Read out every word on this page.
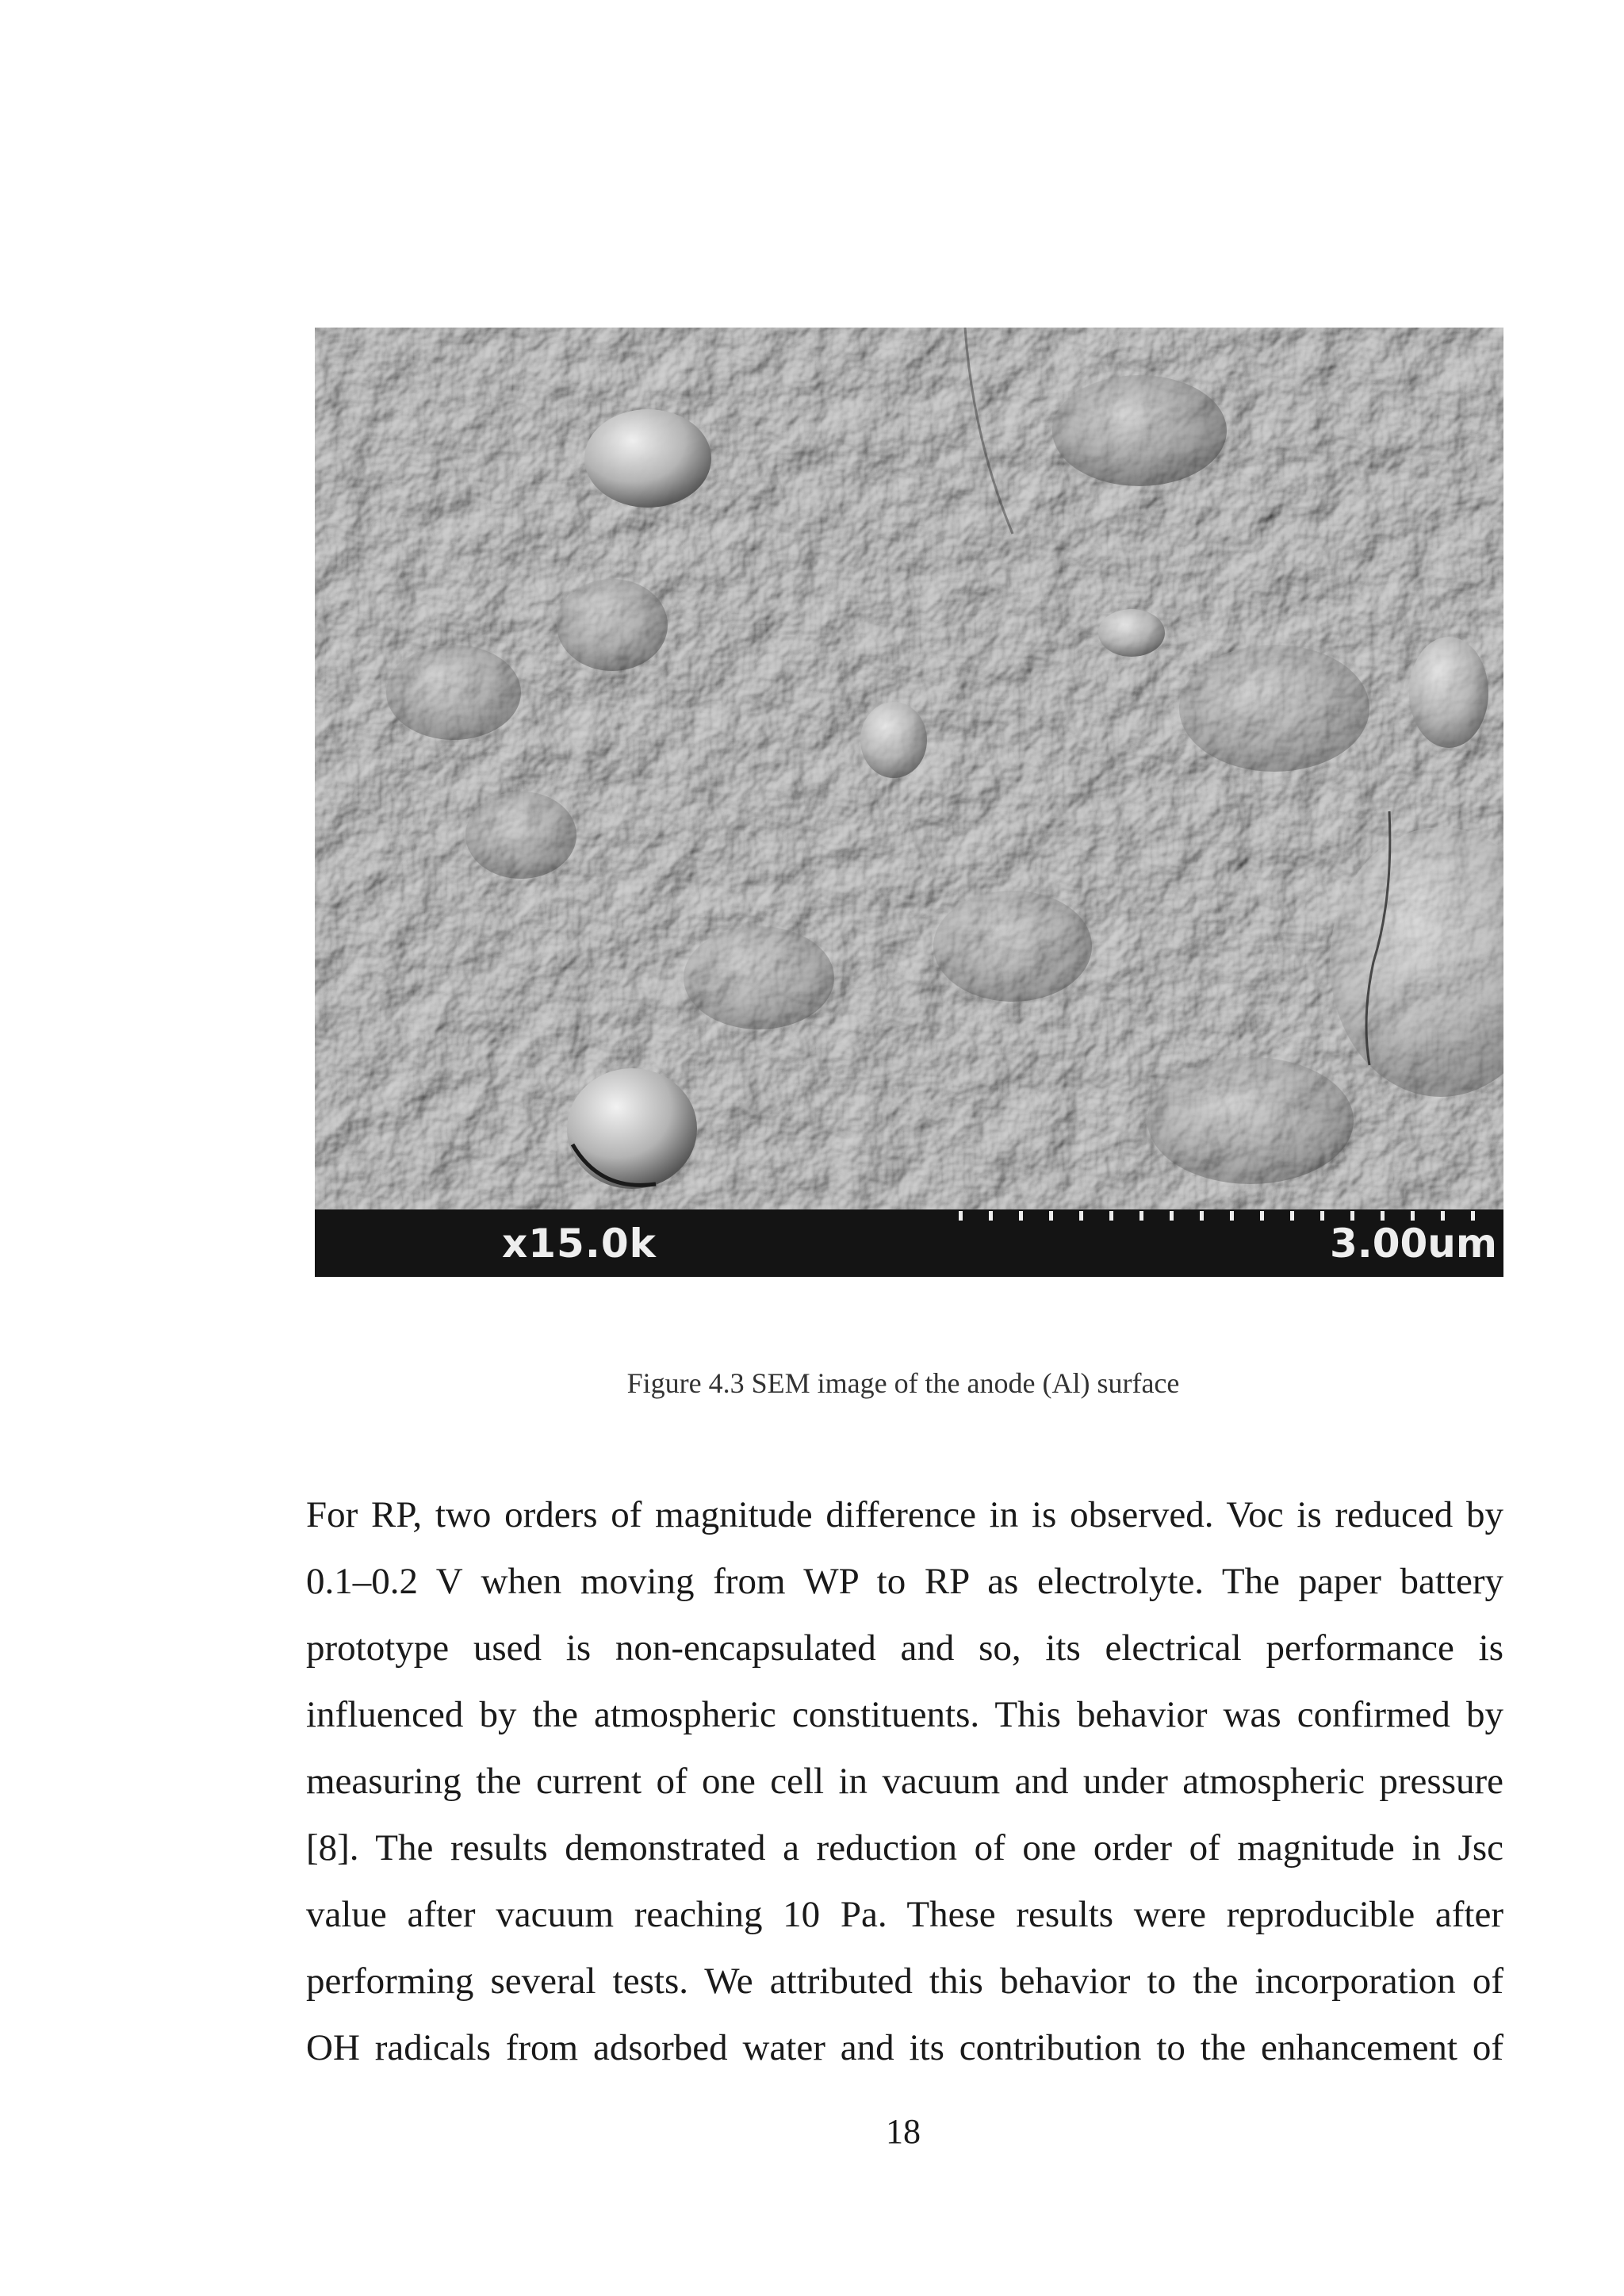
x15.0k	3.00um
Figure 4.3 SEM image of the anode (Al) surface
For RP, two orders of magnitude difference in is observed. Voc is reduced by
0.1–0.2 V when moving from WP to RP as electrolyte. The paper battery
prototype used is non-encapsulated and so, its electrical performance is
influenced by the atmospheric constituents. This behavior was confirmed by
measuring the current of one cell in vacuum and under atmospheric pressure
[8]. The results demonstrated a reduction of one order of magnitude in Jsc
value after vacuum reaching 10 Pa. These results were reproducible after
performing several tests. We attributed this behavior to the incorporation of
OH radicals from adsorbed water and its contribution to the enhancement of
18
